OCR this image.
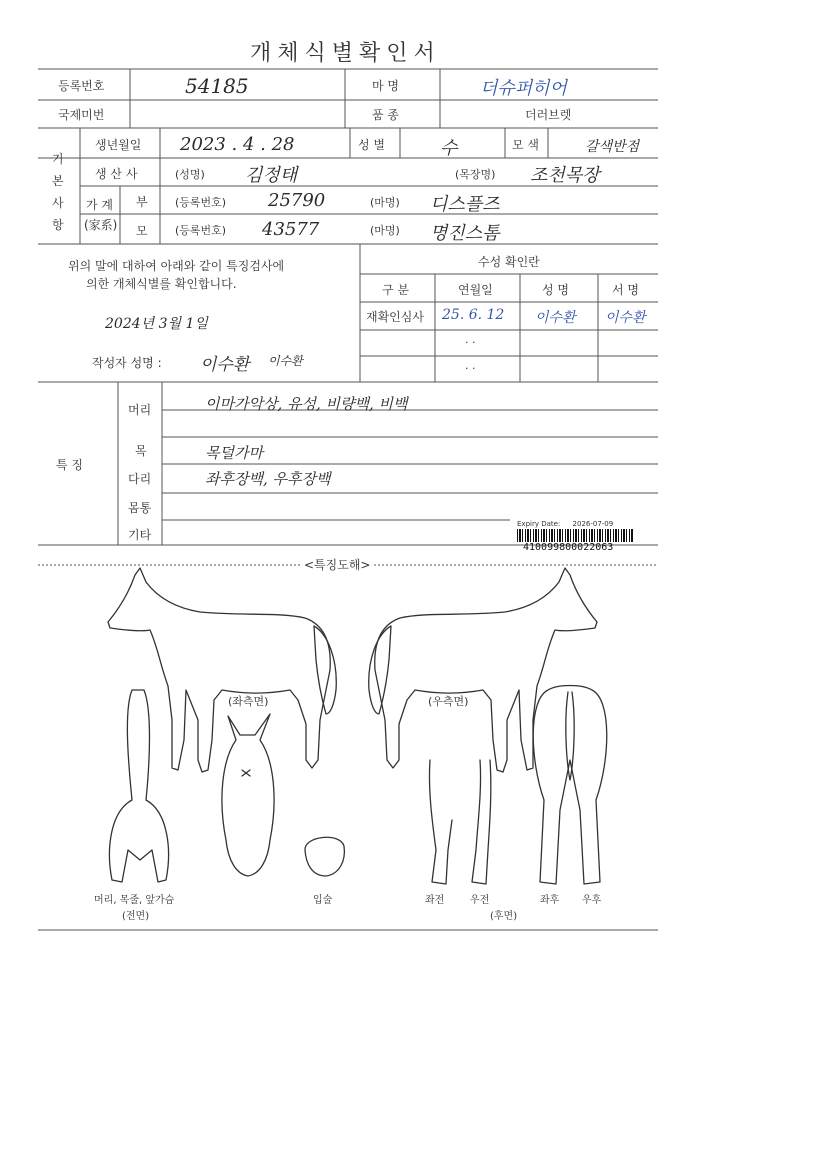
개체식별확인서
등록번호	54185	마 명	더슈퍼히어
국제미번	품 종	더러브렛
기본사항
생년월일 2023 . 4 . 28	성 별	수	모 색	갈색반점
생 산 사	(성명) 김정태	(목장명) 조천목장
가 계
(家系)
부 (등록번호) 25790	(마명) 디스플즈
모 (등록번호) 43577	(마명) 명진스톰
위의 말에 대하여 아래와 같이 특징검사에
의한 개체식별를 확인합니다.
2024년 3월 1일
작성자 성명 : 이수환 이수환
수성 확인란
구 분	연월일	성 명	서 명
재확인심사 25. 6. 12 이수환 이수환
· ·
· ·
특 징
머리	이마가악상, 유성, 비량백, 비백
목	목덜가마
다리	좌후장백, 우후장백
몸통
기타
Expiry Date: 2026-07-09
410099800022063
<특징도해>
(좌측면)	(우측면)
머리, 목줄, 앞가슴
(전면)
입술	좌전	우전	좌후 우후
(후면)
